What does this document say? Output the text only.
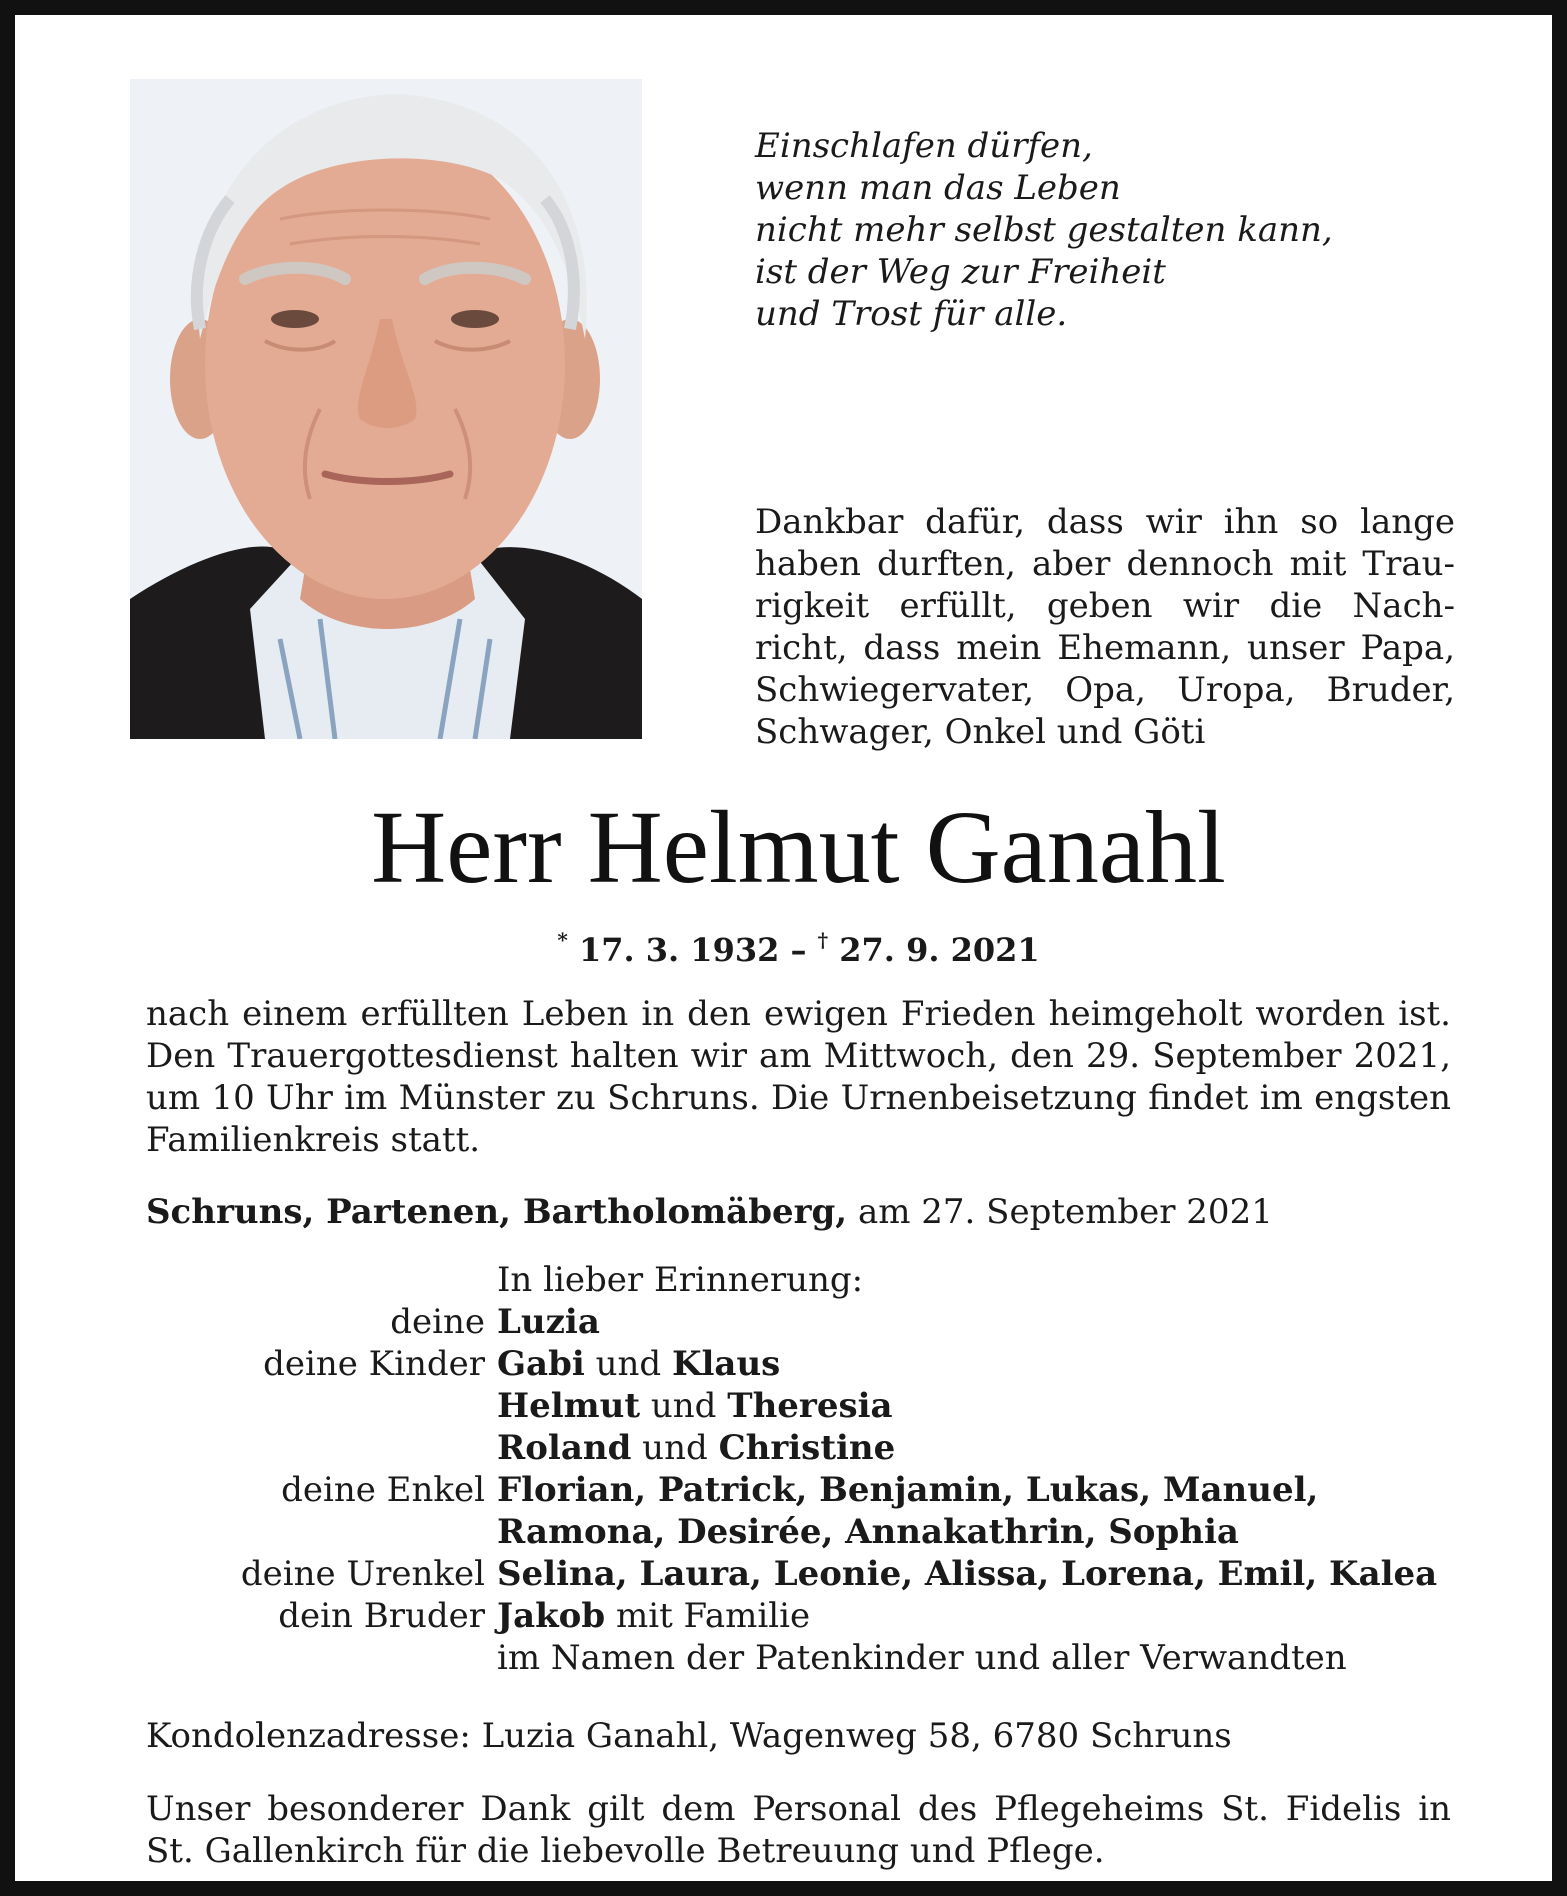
Einschlafen dürfen,
wenn man das Leben
nicht mehr selbst gestalten kann,
ist der Weg zur Freiheit
und Trost für alle.
Dankbar dafür, dass wir ihn so lange
haben durften, aber dennoch mit Trau-
rigkeit erfüllt, geben wir die Nach-
richt, dass mein Ehemann, unser Papa,
Schwiegervater, Opa, Uropa, Bruder,
Schwager, Onkel und Göti
Herr Helmut Ganahl
* 17. 3. 1932 – † 27. 9. 2021
nach einem erfüllten Leben in den ewigen Frieden heimgeholt worden ist.
Den Trauergottesdienst halten wir am Mittwoch, den 29. September 2021,
um 10 Uhr im Münster zu Schruns. Die Urnenbeisetzung findet im engsten
Familienkreis statt.
Schruns, Partenen, Bartholomäberg, am 27. September 2021
In lieber Erinnerung:
deine Luzia
deine Kinder Gabi und Klaus
Helmut und Theresia
Roland und Christine
deine Enkel Florian, Patrick, Benjamin, Lukas, Manuel,
Ramona, Desirée, Annakathrin, Sophia
deine Urenkel Selina, Laura, Leonie, Alissa, Lorena, Emil, Kalea
dein Bruder Jakob mit Familie
im Namen der Patenkinder und aller Verwandten
Kondolenzadresse: Luzia Ganahl, Wagenweg 58, 6780 Schruns
Unser besonderer Dank gilt dem Personal des Pflegeheims St. Fidelis in
St. Gallenkirch für die liebevolle Betreuung und Pflege.
